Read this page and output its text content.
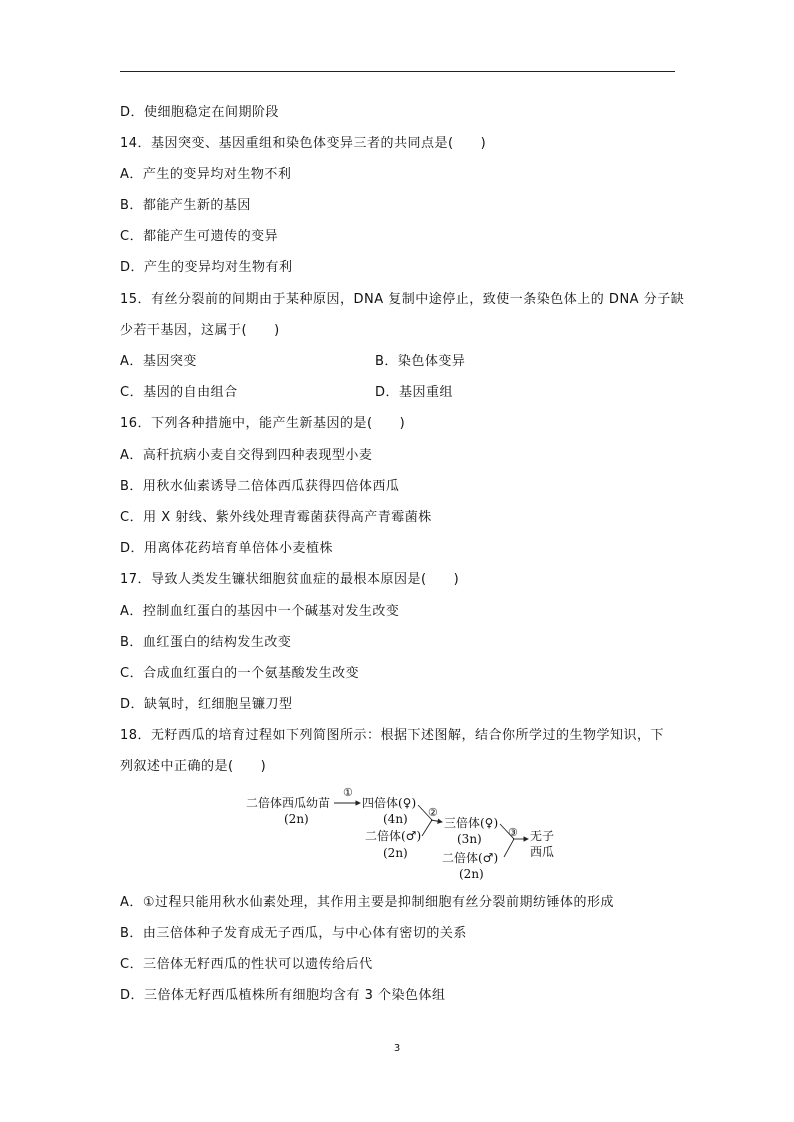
D．使细胞稳定在间期阶段
14．基因突变、基因重组和染色体变异三者的共同点是(　　)
A．产生的变异均对生物不利
B．都能产生新的基因
C．都能产生可遗传的变异
D．产生的变异均对生物有利
15．有丝分裂前的间期由于某种原因，DNA 复制中途停止，致使一条染色体上的 DNA 分子缺
少若干基因，这属于(　　)
A．基因突变	B．染色体变异
C．基因的自由组合	D．基因重组
16．下列各种措施中，能产生新基因的是(　　)
A．高秆抗病小麦自交得到四种表现型小麦
B．用秋水仙素诱导二倍体西瓜获得四倍体西瓜
C．用 X 射线、紫外线处理青霉菌获得高产青霉菌株
D．用离体花药培育单倍体小麦植株
17．导致人类发生镰状细胞贫血症的最根本原因是(　　)
A．控制血红蛋白的基因中一个碱基对发生改变
B．血红蛋白的结构发生改变
C．合成血红蛋白的一个氨基酸发生改变
D．缺氧时，红细胞呈镰刀型
18．无籽西瓜的培育过程如下列简图所示：根据下述图解，结合你所学过的生物学知识，下
列叙述中正确的是(　　)
二倍体西瓜幼苗
(2n)
①
四倍体(♀)
(4n)
二倍体(♂)
(2n)
②
三倍体(♀)
(3n)
二倍体(♂)
(2n)
③ 无子
西瓜
A．①过程只能用秋水仙素处理，其作用主要是抑制细胞有丝分裂前期纺锤体的形成
B．由三倍体种子发育成无子西瓜，与中心体有密切的关系
C．三倍体无籽西瓜的性状可以遗传给后代
D．三倍体无籽西瓜植株所有细胞均含有 3 个染色体组
3
